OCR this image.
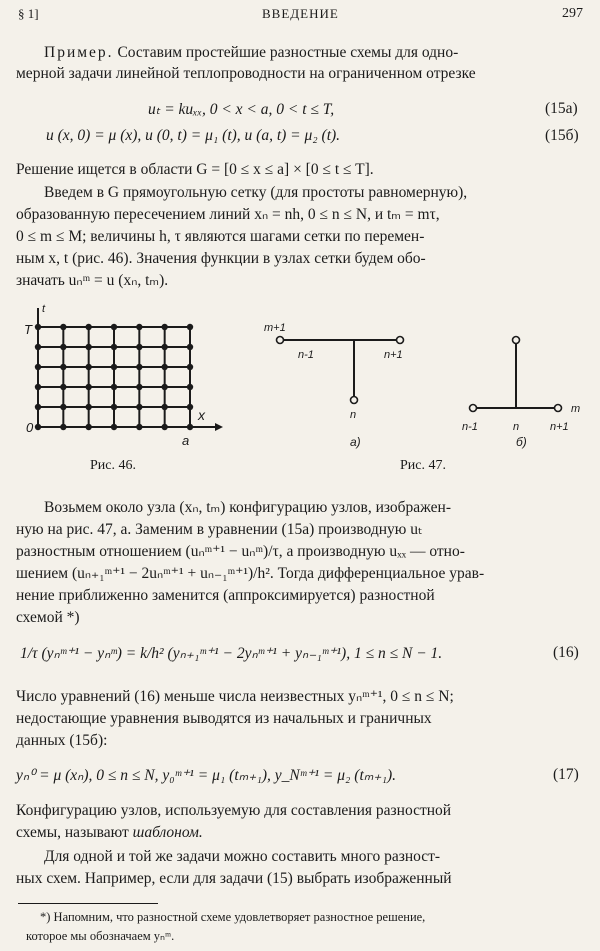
§ 1]	ВВЕДЕНИЕ	297
Пример. Составим простейшие разностные схемы для одно-
мерной задачи линейной теплопроводности на ограниченном отрезке
uₜ = kuₓₓ, 0 < x < a, 0 < t ≤ T,	(15а)
u (x, 0) = μ (x), u (0, t) = μ₁ (t), u (a, t) = μ₂ (t).	(15б)
Решение ищется в области G = [0 ≤ x ≤ a] × [0 ≤ t ≤ T].
Введем в G прямоугольную сетку (для простоты равномерную),
образованную пересечением линий xₙ = nh, 0 ≤ n ≤ N, и tₘ = mτ,
0 ≤ m ≤ M; величины h, τ являются шагами сетки по перемен-
ным x, t (рис. 46). Значения функции в узлах сетки будем обо-
значать uₙᵐ = u (xₙ, tₘ).
t
x
T
0
a
Рис. 46.
m+1
n-1	n+1
n
а)
m
n-1	n	n+1
б)
Рис. 47.
Возьмем около узла (xₙ, tₘ) конфигурацию узлов, изображен-
ную на рис. 47, а. Заменим в уравнении (15а) производную uₜ
разностным отношением (uₙᵐ⁺¹ − uₙᵐ)/τ, а производную uₓₓ — отно-
шением (uₙ₊₁ᵐ⁺¹ − 2uₙᵐ⁺¹ + uₙ₋₁ᵐ⁺¹)/h². Тогда дифференциальное урав-
нение приближенно заменится (аппроксимируется) разностной
схемой *)
1/τ (yₙᵐ⁺¹ − yₙᵐ) = k/h² (yₙ₊₁ᵐ⁺¹ − 2yₙᵐ⁺¹ + yₙ₋₁ᵐ⁺¹), 1 ≤ n ≤ N − 1.	(16)
Число уравнений (16) меньше числа неизвестных yₙᵐ⁺¹, 0 ≤ n ≤ N;
недостающие уравнения выводятся из начальных и граничных
данных (15б):
yₙ⁰ = μ (xₙ), 0 ≤ n ≤ N, y₀ᵐ⁺¹ = μ₁ (tₘ₊₁), y_Nᵐ⁺¹ = μ₂ (tₘ₊₁).	(17)
Конфигурацию узлов, используемую для составления разностной
схемы, называют шаблоном.
Для одной и той же задачи можно составить много разност-
ных схем. Например, если для задачи (15) выбрать изображенный
*) Напомним, что разностной схеме удовлетворяет разностное решение,
которое мы обозначаем yₙᵐ.
